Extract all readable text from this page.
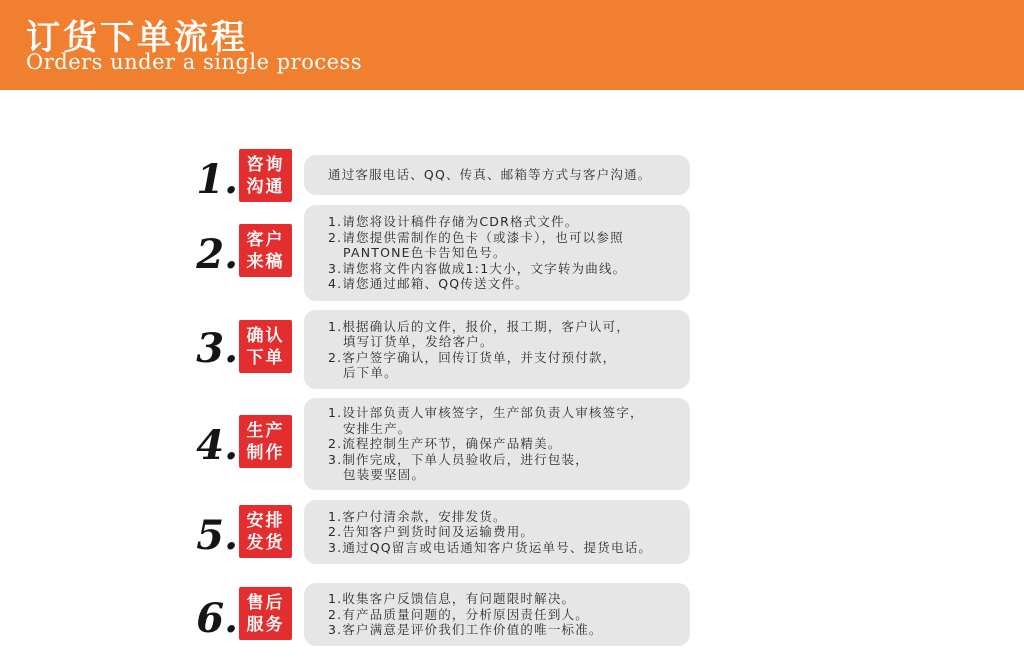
订货下单流程
Orders under a single process
1. 咨询
沟通
通过客服电话、QQ、传真、邮箱等方式与客户沟通。
2. 客户
来稿
1.请您将设计稿件存储为CDR格式文件。
2.请您提供需制作的色卡（或漆卡），也可以参照
PANTONE色卡告知色号。
3.请您将文件内容做成1:1大小，文字转为曲线。
4.请您通过邮箱、QQ传送文件。
3. 确认
下单
1.根据确认后的文件，报价，报工期，客户认可，
填写订货单，发给客户。
2.客户签字确认，回传订货单，并支付预付款，
后下单。
4. 生产
制作
1.设计部负责人审核签字，生产部负责人审核签字，
安排生产。
2.流程控制生产环节，确保产品精美。
3.制作完成，下单人员验收后，进行包装，
包装要坚固。
5. 安排
发货
1.客户付清余款，安排发货。
2.告知客户到货时间及运输费用。
3.通过QQ留言或电话通知客户货运单号、提货电话。
6. 售后
服务
1.收集客户反馈信息，有问题限时解决。
2.有产品质量问题的，分析原因责任到人。
3.客户满意是评价我们工作价值的唯一标准。
